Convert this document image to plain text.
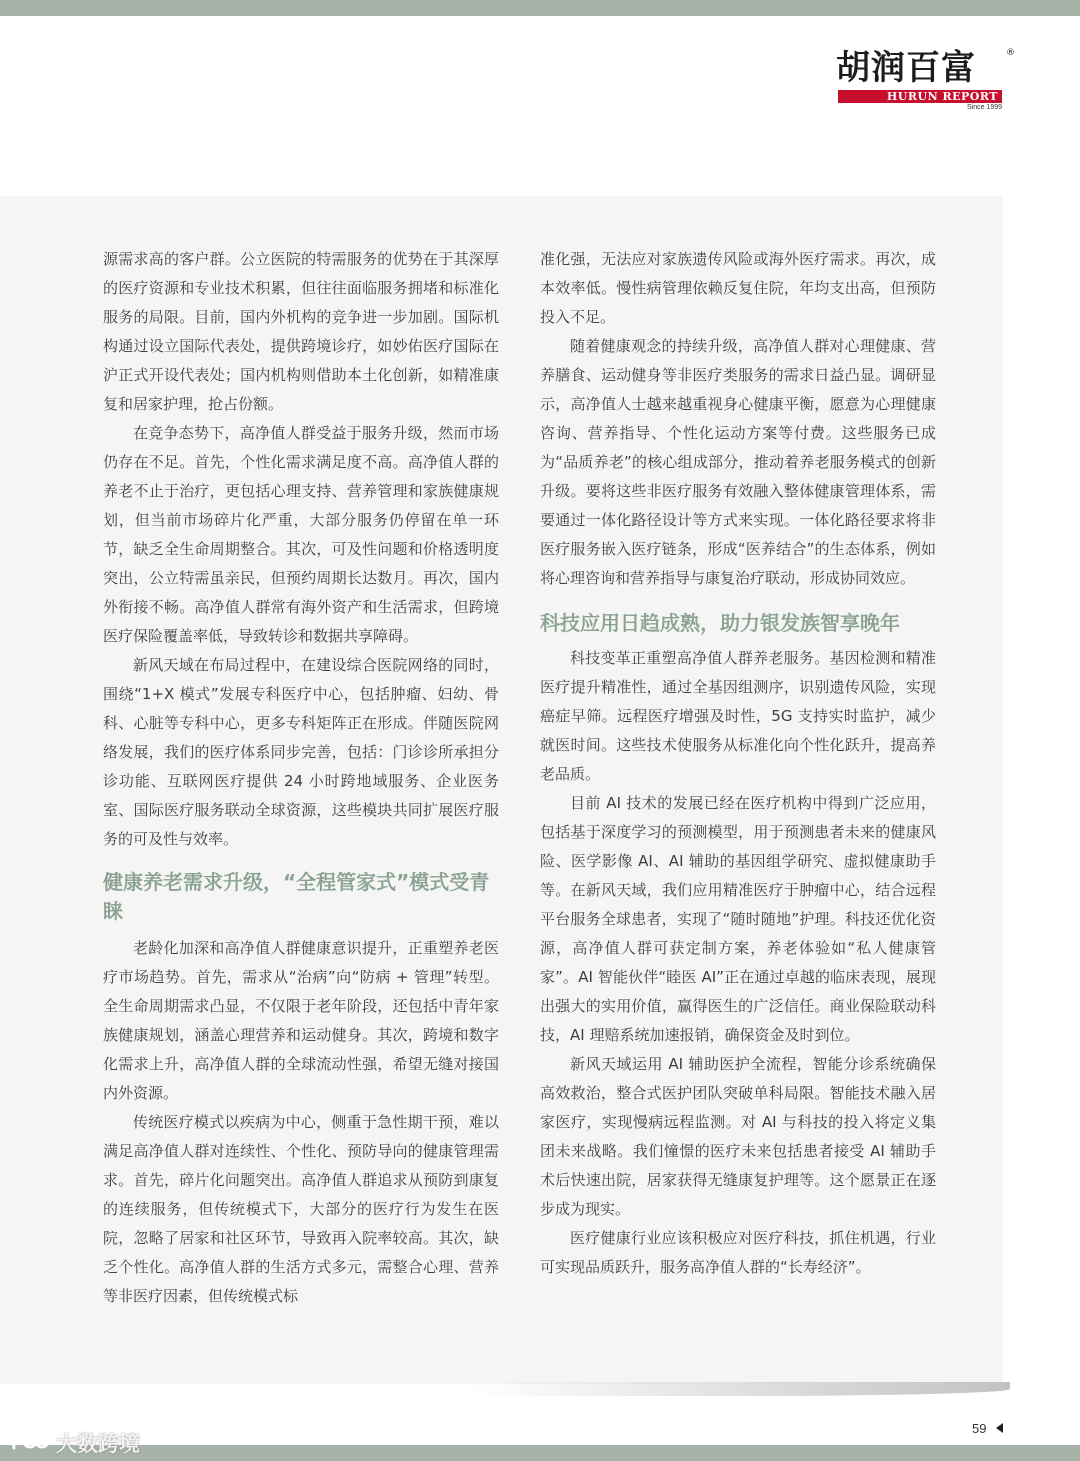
胡润百富	®
HURUN REPORT
Since 1999

源需求高的客户群。公立医院的特需服务的优势在于其深厚的医疗资源和专业技术积累，但往往面临服务拥堵和标准化服务的局限。目前，国内外机构的竞争进一步加剧。国际机构通过设立国际代表处，提供跨境诊疗，如妙佑医疗国际在沪正式开设代表处；国内机构则借助本土化创新，如精准康复和居家护理，抢占份额。

在竞争态势下，高净值人群受益于服务升级，然而市场仍存在不足。首先，个性化需求满足度不高。高净值人群的养老不止于治疗，更包括心理支持、营养管理和家族健康规划，但当前市场碎片化严重，大部分服务仍停留在单一环节，缺乏全生命周期整合。其次，可及性问题和价格透明度突出，公立特需虽亲民，但预约周期长达数月。再次，国内外衔接不畅。高净值人群常有海外资产和生活需求，但跨境医疗保险覆盖率低，导致转诊和数据共享障碍。

新风天域在布局过程中，在建设综合医院网络的同时，围绕“1+X 模式”发展专科医疗中心，包括肿瘤、妇幼、骨科、心脏等专科中心，更多专科矩阵正在形成。伴随医院网络发展，我们的医疗体系同步完善，包括：门诊诊所承担分诊功能、互联网医疗提供 24 小时跨地域服务、企业医务室、国际医疗服务联动全球资源，这些模块共同扩展医疗服务的可及性与效率。

健康养老需求升级，“全程管家式”模式受青睐

老龄化加深和高净值人群健康意识提升，正重塑养老医疗市场趋势。首先，需求从“治病”向“防病 + 管理”转型。全生命周期需求凸显，不仅限于老年阶段，还包括中青年家族健康规划，涵盖心理营养和运动健身。其次，跨境和数字化需求上升，高净值人群的全球流动性强，希望无缝对接国内外资源。

传统医疗模式以疾病为中心，侧重于急性期干预，难以满足高净值人群对连续性、个性化、预防导向的健康管理需求。首先，碎片化问题突出。高净值人群追求从预防到康复的连续服务，但传统模式下，大部分的医疗行为发生在医院，忽略了居家和社区环节，导致再入院率较高。其次，缺乏个性化。高净值人群的生活方式多元，需整合心理、营养等非医疗因素，但传统模式标

准化强，无法应对家族遗传风险或海外医疗需求。再次，成本效率低。慢性病管理依赖反复住院，年均支出高，但预防投入不足。

随着健康观念的持续升级，高净值人群对心理健康、营养膳食、运动健身等非医疗类服务的需求日益凸显。调研显示，高净值人士越来越重视身心健康平衡，愿意为心理健康咨询、营养指导、个性化运动方案等付费。这些服务已成为“品质养老”的核心组成部分，推动着养老服务模式的创新升级。要将这些非医疗服务有效融入整体健康管理体系，需要通过一体化路径设计等方式来实现。一体化路径要求将非医疗服务嵌入医疗链条，形成“医养结合”的生态体系，例如将心理咨询和营养指导与康复治疗联动，形成协同效应。

科技应用日趋成熟，助力银发族智享晚年

科技变革正重塑高净值人群养老服务。基因检测和精准医疗提升精准性，通过全基因组测序，识别遗传风险，实现癌症早筛。远程医疗增强及时性，5G 支持实时监护，减少就医时间。这些技术使服务从标准化向个性化跃升，提高养老品质。

目前 AI 技术的发展已经在医疗机构中得到广泛应用，包括基于深度学习的预测模型，用于预测患者未来的健康风险、医学影像 AI、AI 辅助的基因组学研究、虚拟健康助手等。在新风天域，我们应用精准医疗于肿瘤中心，结合远程平台服务全球患者，实现了“随时随地”护理。科技还优化资源，高净值人群可获定制方案，养老体验如“私人健康管家”。AI 智能伙伴“睦医 AI”正在通过卓越的临床表现，展现出强大的实用价值，赢得医生的广泛信任。商业保险联动科技，AI 理赔系统加速报销，确保资金及时到位。

新风天域运用 AI 辅助医护全流程，智能分诊系统确保高效救治，整合式医护团队突破单科局限。智能技术融入居家医疗，实现慢病远程监测。对 AI 与科技的投入将定义集团未来战略。我们憧憬的医疗未来包括患者接受 AI 辅助手术后快速出院，居家获得无缝康复护理等。这个愿景正在逐步成为现实。

医疗健康行业应该积极应对医疗科技，抓住机遇，行业可实现品质跃升，服务高净值人群的“长寿经济”。

59
大数跨境
